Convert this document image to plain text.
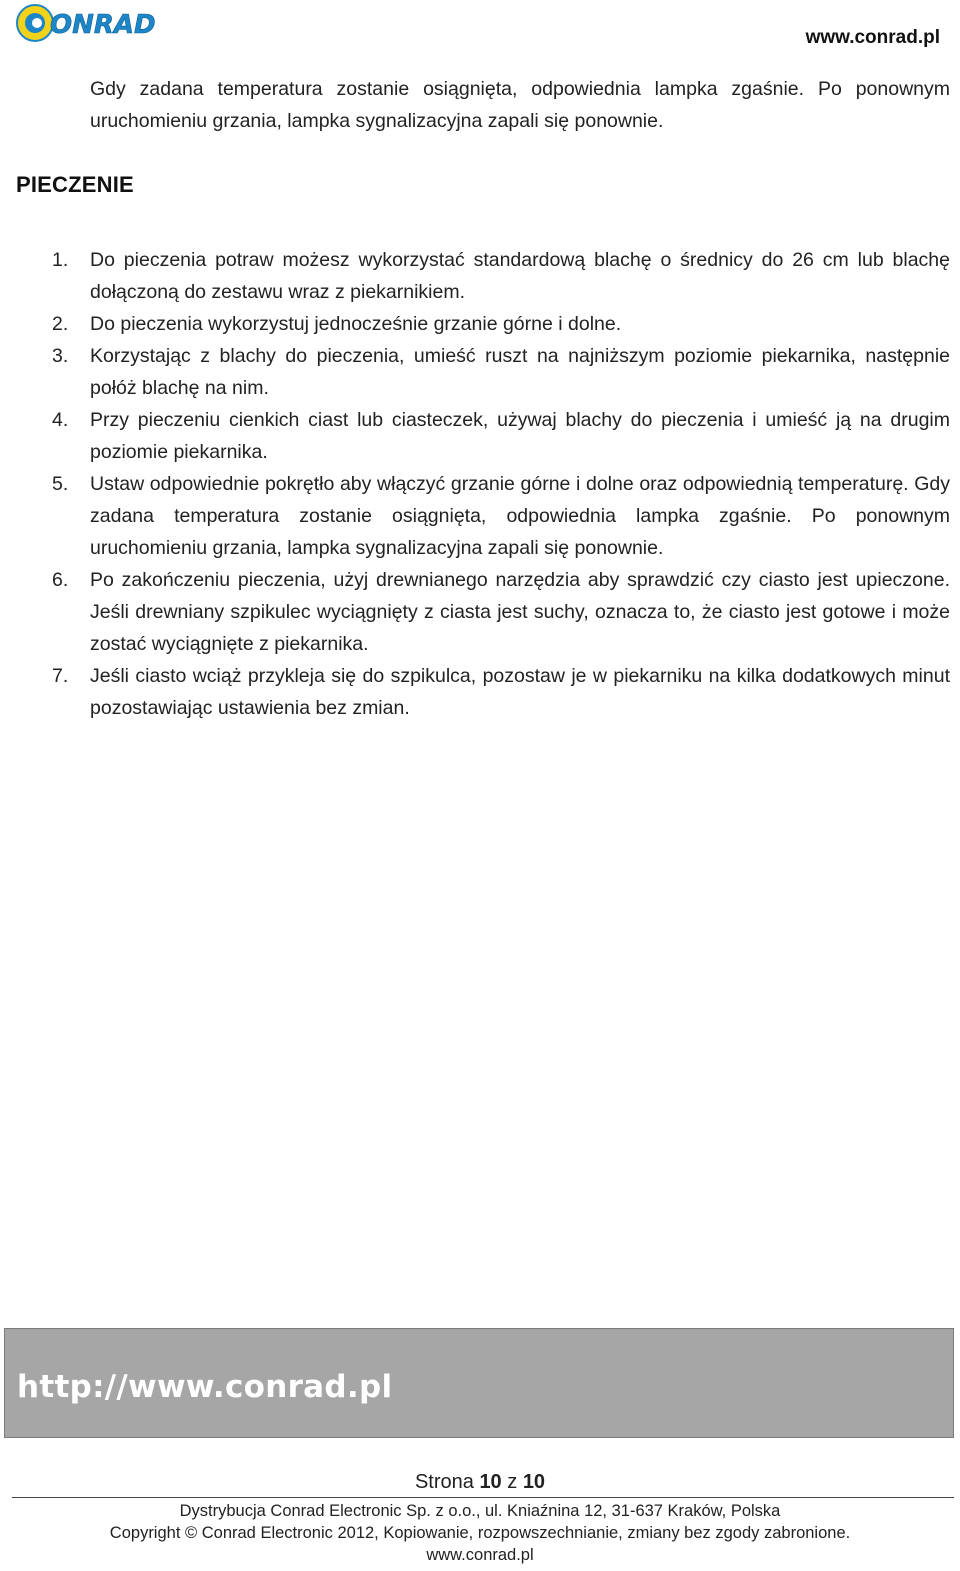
ONRAD	www.conrad.pl
Gdy zadana temperatura zostanie osiągnięta, odpowiednia lampka zgaśnie. Po ponownym uruchomieniu grzania, lampka sygnalizacyjna zapali się ponownie.
PIECZENIE
1. Do pieczenia potraw możesz wykorzystać standardową blachę o średnicy do 26 cm lub blachę dołączoną do zestawu wraz z piekarnikiem.
2. Do pieczenia wykorzystuj jednocześnie grzanie górne i dolne.
3. Korzystając z blachy do pieczenia, umieść ruszt na najniższym poziomie piekarnika, następnie połóż blachę na nim.
4. Przy pieczeniu cienkich ciast lub ciasteczek, używaj blachy do pieczenia i umieść ją na drugim poziomie piekarnika.
5. Ustaw odpowiednie pokrętło aby włączyć grzanie górne i dolne oraz odpowiednią temperaturę. Gdy zadana temperatura zostanie osiągnięta, odpowiednia lampka zgaśnie. Po ponownym uruchomieniu grzania, lampka sygnalizacyjna zapali się ponownie.
6. Po zakończeniu pieczenia, użyj drewnianego narzędzia aby sprawdzić czy ciasto jest upieczone. Jeśli drewniany szpikulec wyciągnięty z ciasta jest suchy, oznacza to, że ciasto jest gotowe i może zostać wyciągnięte z piekarnika.
7. Jeśli ciasto wciąż przykleja się do szpikulca, pozostaw je w piekarniku na kilka dodatkowych minut pozostawiając ustawienia bez zmian.
http://www.conrad.pl
Strona 10 z 10
Dystrybucja Conrad Electronic Sp. z o.o., ul. Kniaźnina 12, 31-637 Kraków, Polska
Copyright © Conrad Electronic 2012, Kopiowanie, rozpowszechnianie, zmiany bez zgody zabronione.
www.conrad.pl
